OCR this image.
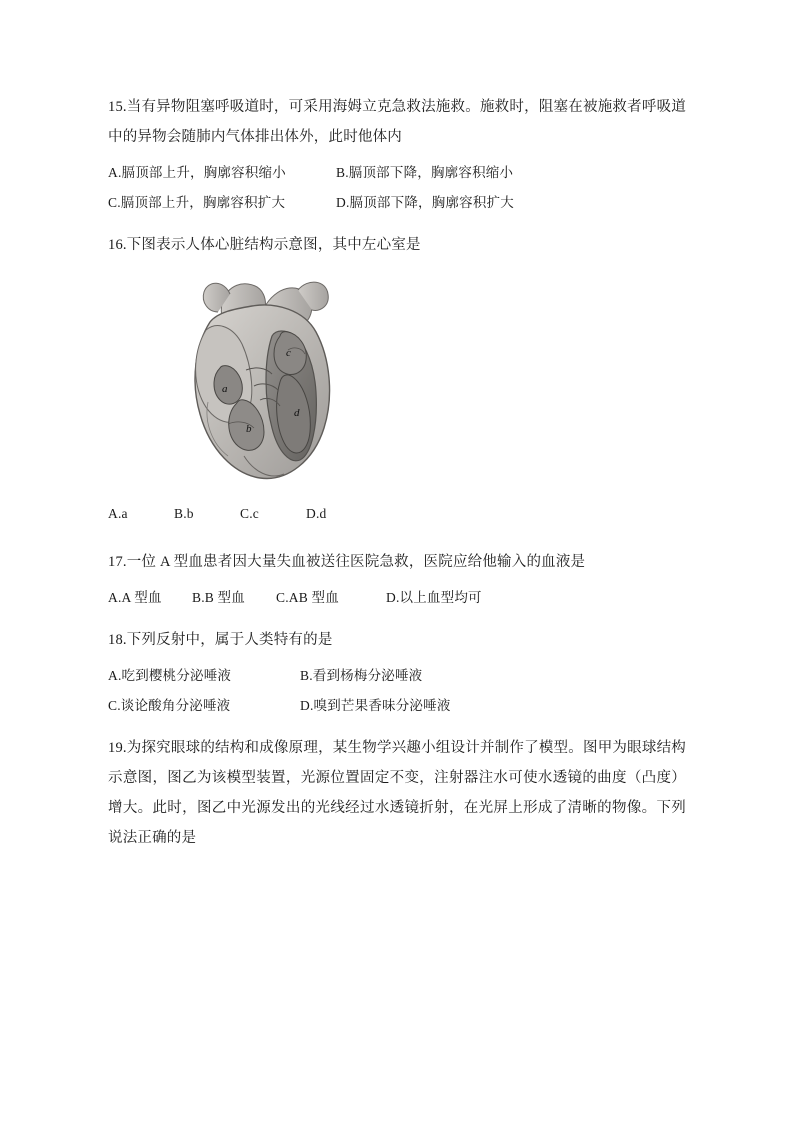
15.当有异物阻塞呼吸道时，可采用海姆立克急救法施救。施救时，阻塞在被施救者呼吸道中的异物会随肺内气体排出体外，此时他体内

A.膈顶部上升，胸廓容积缩小	B.膈顶部下降，胸廓容积缩小
C.膈顶部上升，胸廓容积扩大	D.膈顶部下降，胸廓容积扩大

16.下图表示人体心脏结构示意图，其中左心室是

a
b
c
d
A.a	B.b	C.c	D.d

17.一位 A 型血患者因大量失血被送往医院急救，医院应给他输入的血液是

A.A 型血 B.B 型血 C.AB 型血	D.以上血型均可

18.下列反射中，属于人类特有的是

A.吃到樱桃分泌唾液	B.看到杨梅分泌唾液
C.谈论酸角分泌唾液	D.嗅到芒果香味分泌唾液

19.为探究眼球的结构和成像原理，某生物学兴趣小组设计并制作了模型。图甲为眼球结构示意图，图乙为该模型装置，光源位置固定不变，注射器注水可使水透镜的曲度（凸度）增大。此时，图乙中光源发出的光线经过水透镜折射，在光屏上形成了清晰的物像。下列说法正确的是
